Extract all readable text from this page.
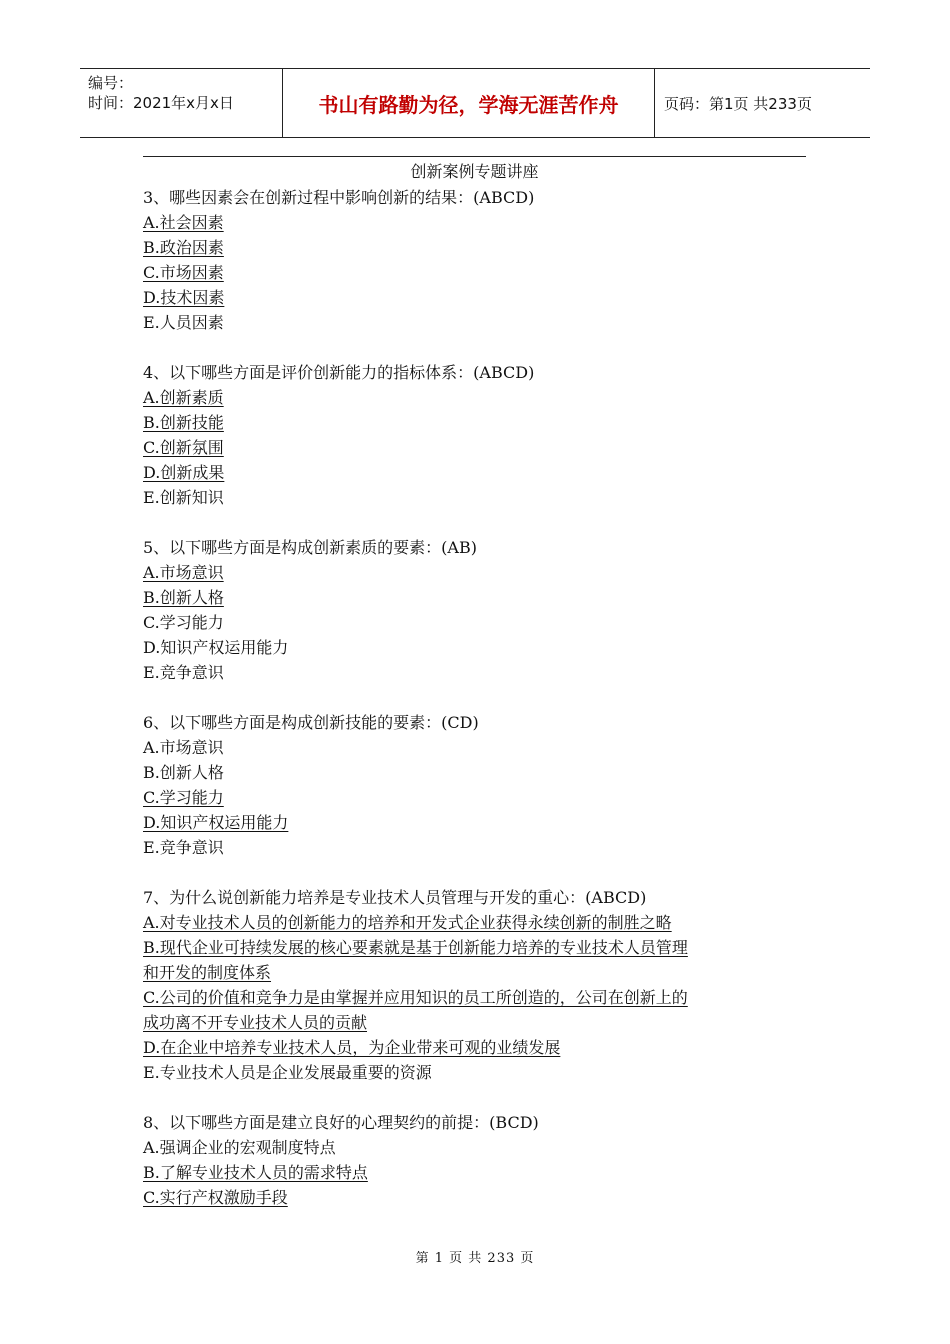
编号：
时间：2021年x月x日	书山有路勤为径，学海无涯苦作舟	页码：第1页 共233页
创新案例专题讲座

3、哪些因素会在创新过程中影响创新的结果：(ABCD)

A.社会因素

B.政治因素

C.市场因素

D.技术因素

E.人员因素

4、以下哪些方面是评价创新能力的指标体系：(ABCD)

A.创新素质

B.创新技能

C.创新氛围

D.创新成果

E.创新知识

5、以下哪些方面是构成创新素质的要素：(AB)

A.市场意识

B.创新人格

C.学习能力

D.知识产权运用能力

E.竞争意识

6、以下哪些方面是构成创新技能的要素：(CD)

A.市场意识

B.创新人格

C.学习能力

D.知识产权运用能力

E.竞争意识

7、为什么说创新能力培养是专业技术人员管理与开发的重心：(ABCD)

A.对专业技术人员的创新能力的培养和开发式企业获得永续创新的制胜之略

B.现代企业可持续发展的核心要素就是基于创新能力培养的专业技术人员管理

和开发的制度体系

C.公司的价值和竞争力是由掌握并应用知识的员工所创造的，公司在创新上的

成功离不开专业技术人员的贡献

D.在企业中培养专业技术人员，为企业带来可观的业绩发展

E.专业技术人员是企业发展最重要的资源

8、以下哪些方面是建立良好的心理契约的前提：(BCD)

A.强调企业的宏观制度特点

B.了解专业技术人员的需求特点

C.实行产权激励手段

第 1 页 共 233 页
